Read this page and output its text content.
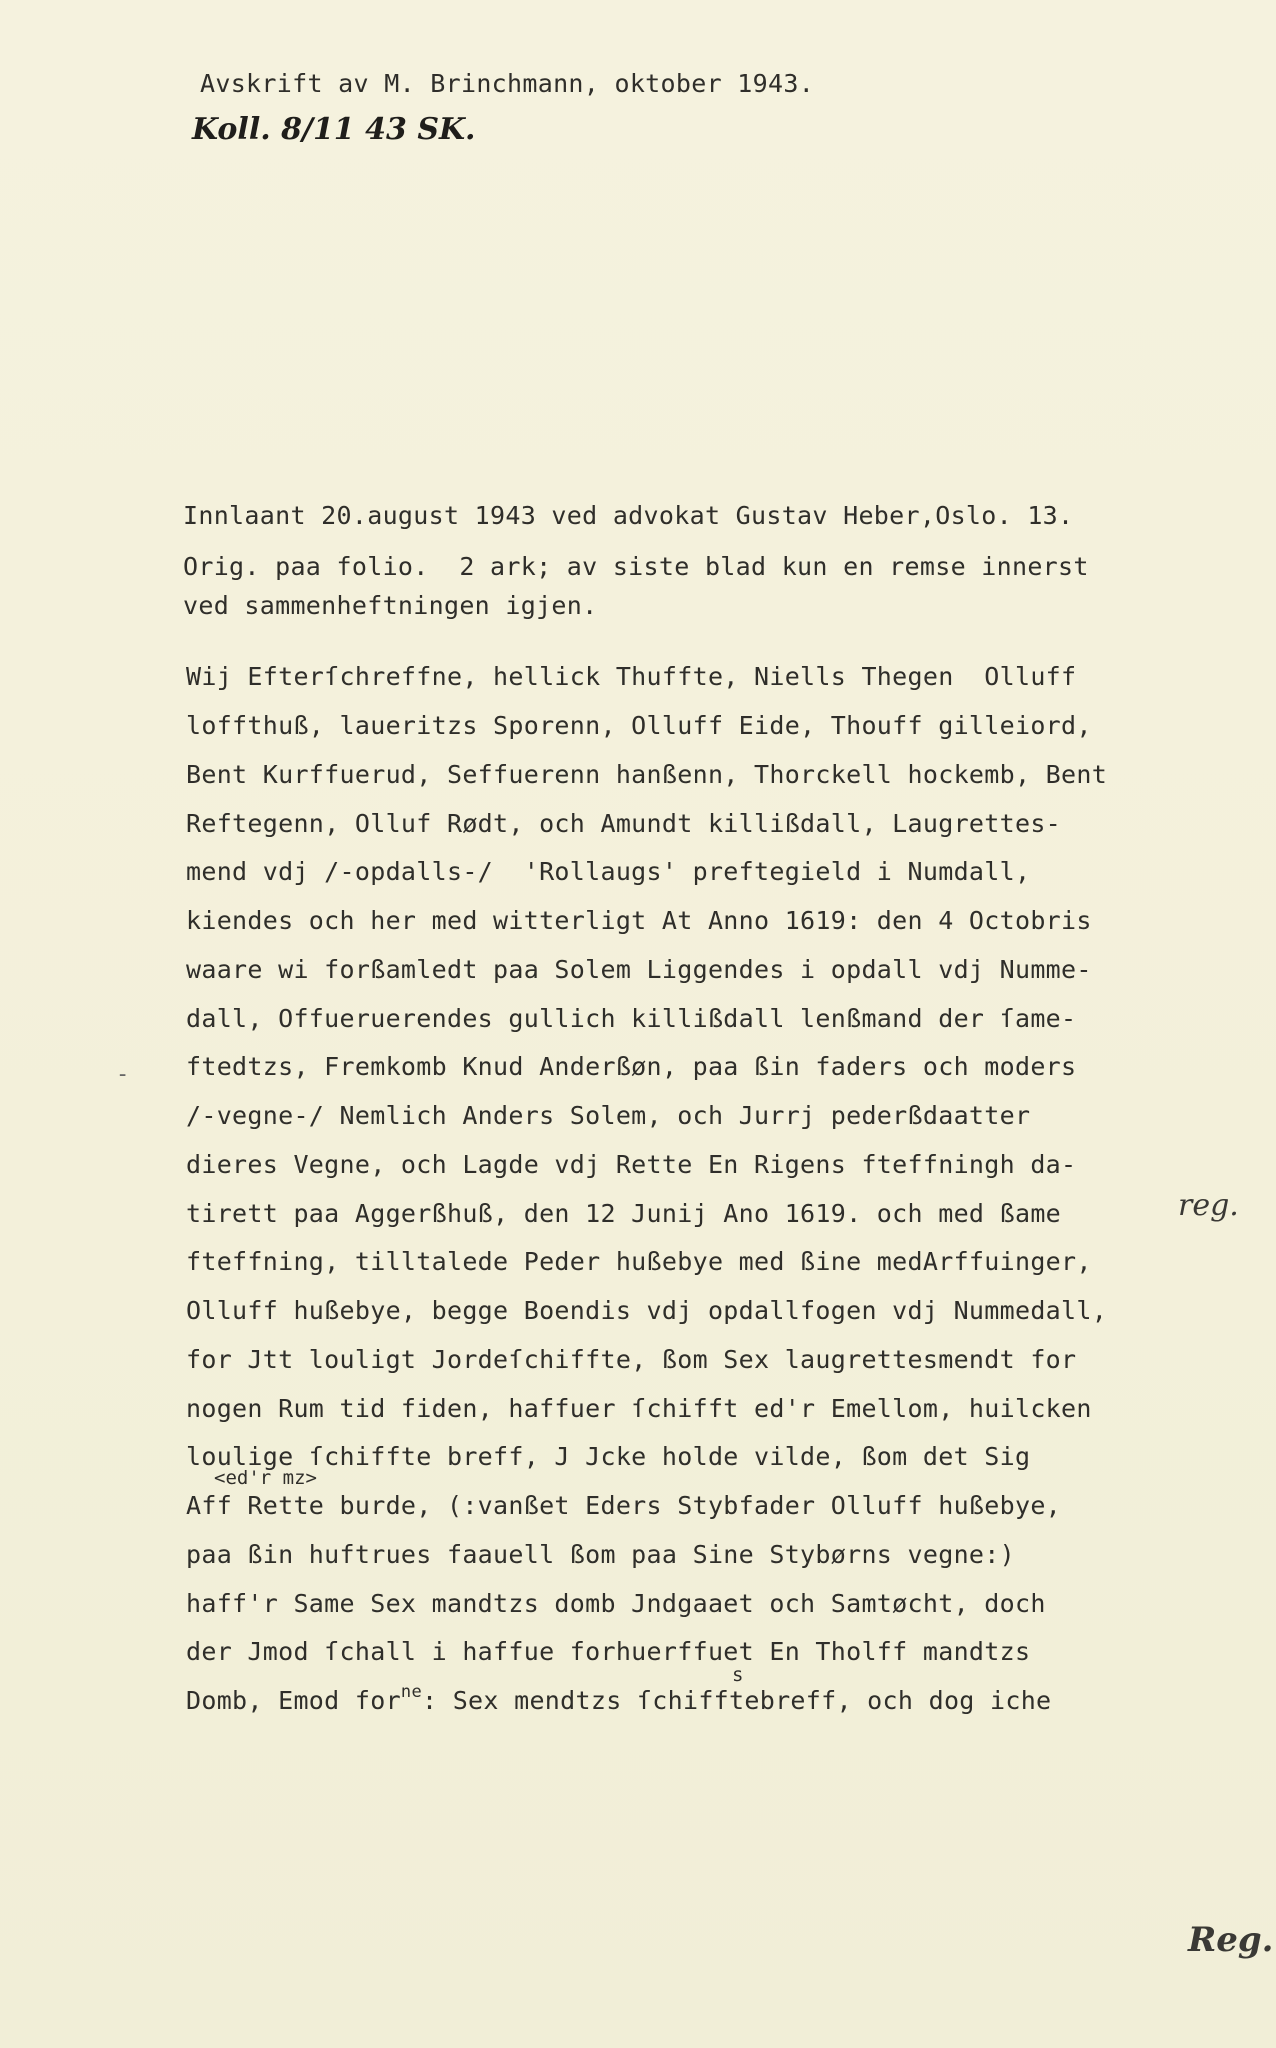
Avskrift av M. Brinchmann, oktober 1943.
Koll. 8/11 43 SK.
Innlaant 20.august 1943 ved advokat Gustav Heber,Oslo. 13.
Orig. paa folio.  2 ark; av siste blad kun en remse innerst
ved sammenheftningen igjen.
Wij Efterſchreffne, hellick Thuffte, Niells Thegen  Olluff
loffthuß, laueritzs Sporenn, Olluff Eide, Thouff gilleiord,
Bent Kurffuerud, Seffuerenn hanßenn, Thorckell hockemb, Bent
Reftegenn, Olluf Rødt, och Amundt killißdall, Laugrettes-
mend vdj /-opdalls-/  'Rollaugs' preftegield i Numdall,
kiendes och her med witterligt At Anno 1619: den 4 Octobris
waare wi forßamledt paa Solem Liggendes i opdall vdj Numme-
dall, Offueruerendes gullich killißdall lenßmand der ſame-
ftedtzs, Fremkomb Knud Anderßøn, paa ßin faders och moders
/-vegne-/ Nemlich Anders Solem, och Jurrj pederßdaatter
dieres Vegne, och Lagde vdj Rette En Rigens fteffningh da-
tirett paa Aggerßhuß, den 12 Junij Ano 1619. och med ßame
fteffning, tilltalede Peder hußebye med ßine medArffuinger,
Olluff hußebye, begge Boendis vdj opdallfogen vdj Nummedall,
for Jtt louligt Jordeſchiffte, ßom Sex laugrettesmendt for
nogen Rum tid fiden, haffuer ſchifft ed'r Emellom, huilcken
loulige ſchiffte breff, J Jcke holde vilde, ßom det Sig
<ed'r mz>
Aff Rette burde, (:vanßet Eders Stybfader Olluff hußebye,
paa ßin huftrues faauell ßom paa Sine Stybørns vegne:)
haff'r Same Sex mandtzs domb Jndgaaet och Samtøcht, doch
der Jmod ſchall i haffue forhuerffuet En Tholff mandtzs
Domb, Emod for$^{ne}$: Sex mendtzs ſchifftebreff, och dog iche
s
-
reg.
Reg.
